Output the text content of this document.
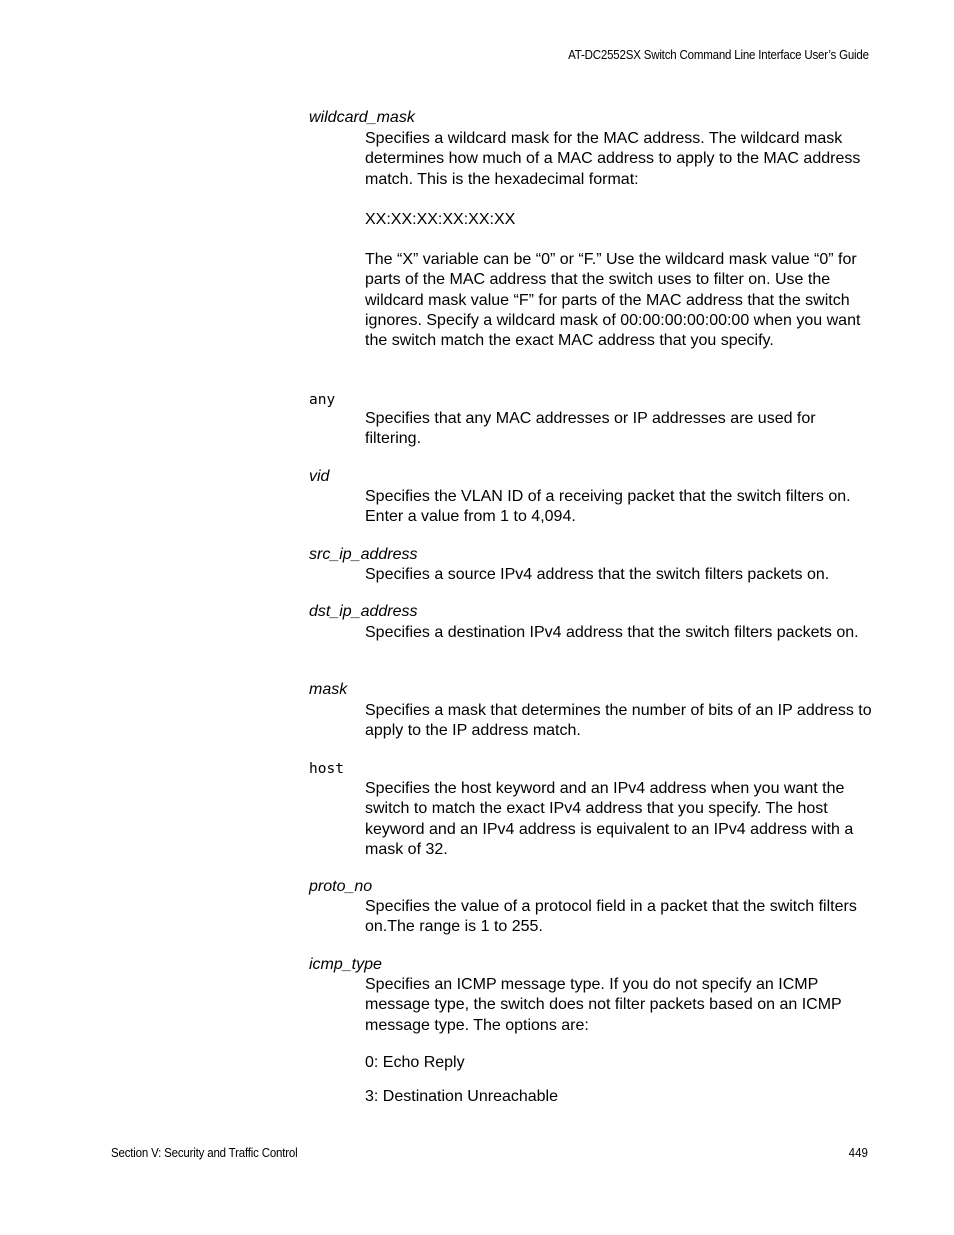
AT-DC2552SX Switch Command Line Interface User’s Guide
wildcard_mask
Specifies a wildcard mask for the MAC address. The wildcard mask determines how much of a MAC address to apply to the MAC address match. This is the hexadecimal format:
XX:XX:XX:XX:XX:XX
The “X” variable can be “0” or “F.” Use the wildcard mask value “0” for parts of the MAC address that the switch uses to filter on. Use the wildcard mask value “F” for parts of the MAC address that the switch ignores. Specify a wildcard mask of 00:00:00:00:00:00 when you want the switch match the exact MAC address that you specify.
any
Specifies that any MAC addresses or IP addresses are used for filtering.
vid
Specifies the VLAN ID of a receiving packet that the switch filters on. Enter a value from 1 to 4,094.
src_ip_address
Specifies a source IPv4 address that the switch filters packets on.
dst_ip_address
Specifies a destination IPv4 address that the switch filters packets on.
mask
Specifies a mask that determines the number of bits of an IP address to apply to the IP address match.
host
Specifies the host keyword and an IPv4 address when you want the switch to match the exact IPv4 address that you specify. The host keyword and an IPv4 address is equivalent to an IPv4 address with a mask of 32.
proto_no
Specifies the value of a protocol field in a packet that the switch filters on.The range is 1 to 255.
icmp_type
Specifies an ICMP message type. If you do not specify an ICMP message type, the switch does not filter packets based on an ICMP message type. The options are:
0: Echo Reply
3: Destination Unreachable
Section V: Security and Traffic Control	449
